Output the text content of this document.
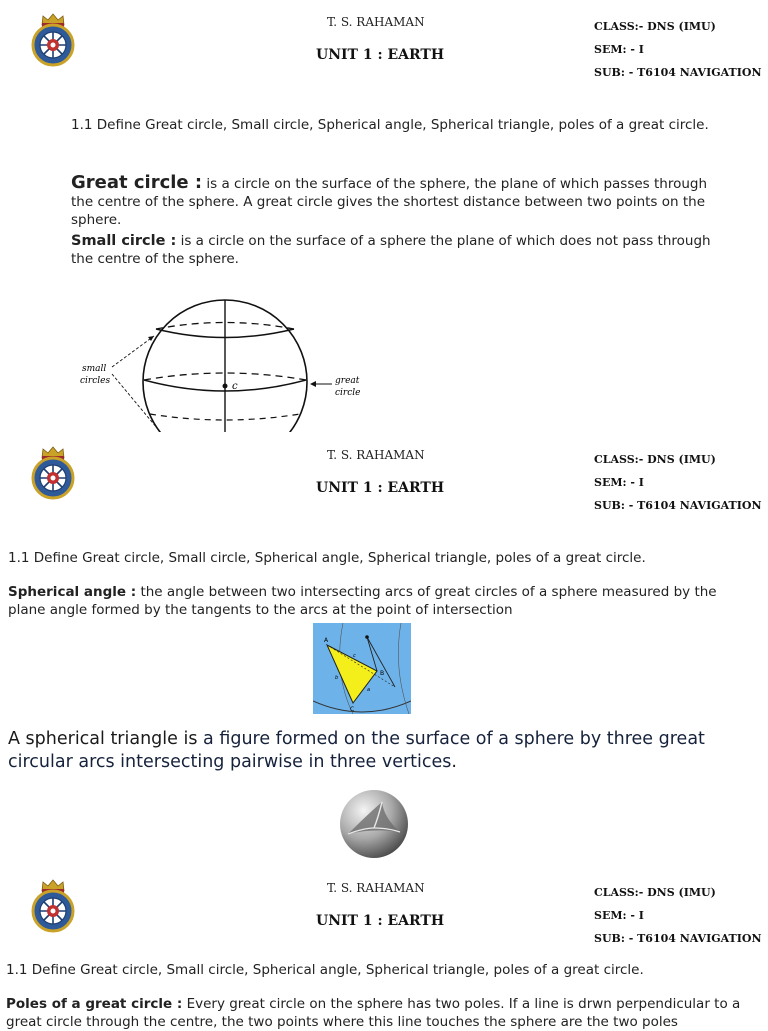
T. S. RAHAMAN
UNIT 1 : EARTH
CLASS:- DNS (IMU)
SEM: - I
SUB: - T6104 NAVIGATION
1.1 Define Great circle, Small circle, Spherical angle, Spherical triangle, poles of a great circle.
Great circle : is a circle on the surface of the sphere, the plane of which passes through the centre of the sphere. A great circle gives the shortest distance between two points on the sphere.
Small circle : is a circle on the surface of a sphere the plane of which does not pass through the centre of the sphere.
c
small
circles	great
circle
T. S. RAHAMAN
UNIT 1 : EARTH
CLASS:- DNS (IMU)
SEM: - I
SUB: - T6104 NAVIGATION
1.1 Define Great circle, Small circle, Spherical angle, Spherical triangle, poles of a great circle.
Spherical angle : the angle between two intersecting arcs of great circles of a sphere measured by the plane angle formed by the tangents to the arcs at the point of intersection
A
B
C
a
b
c
A spherical triangle is a figure formed on the surface of a sphere by three great circular arcs intersecting pairwise in three vertices.
T. S. RAHAMAN
UNIT 1 : EARTH
CLASS:- DNS (IMU)
SEM: - I
SUB: - T6104 NAVIGATION
1.1 Define Great circle, Small circle, Spherical angle, Spherical triangle, poles of a great circle.
Poles of a great circle : Every great circle on the sphere has two poles. If a line is drwn perpendicular to a great circle through the centre, the two points where this line touches the sphere are the two poles
